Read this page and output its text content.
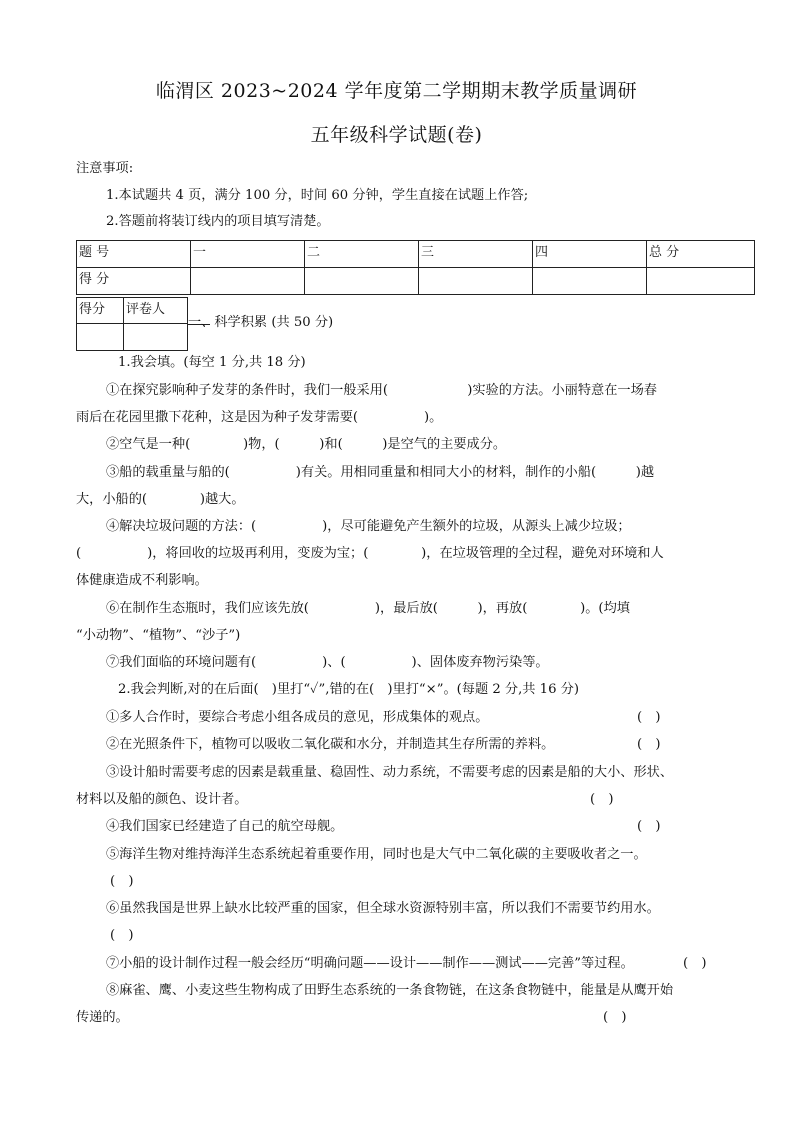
临渭区 2023~2024 学年度第二学期期末教学质量调研
五年级科学试题(卷)
注意事项:
1.本试题共 4 页，满分 100 分，时间 60 分钟，学生直接在试题上作答;
2.答题前将装订线内的项目填写清楚。
题 号	一	二	三	四	总 分
得 分					
得分	评卷人

一、科学积累 (共 50 分)
1.我会填。(每空 1 分,共 18 分)
①在探究影响种子发芽的条件时，我们一般采用(　　　　　　)实验的方法。小丽特意在一场春
雨后在花园里撒下花种，这是因为种子发芽需要(　　　　　)。
②空气是一种(　　　　)物，(　　　)和(　　　)是空气的主要成分。
③船的载重量与船的(　　　　　)有关。用相同重量和相同大小的材料，制作的小船(　　　)越
大，小船的(　　　　)越大。
④解决垃圾问题的方法：(　　　　　)，尽可能避免产生额外的垃圾，从源头上减少垃圾；
(　　　　　)，将回收的垃圾再利用，变废为宝；(　　　　)，在垃圾管理的全过程，避免对环境和人
体健康造成不利影响。
⑥在制作生态瓶时，我们应该先放(　　　　　)，最后放(　　　)，再放(　　　　)。(均填
“小动物”、“植物”、“沙子”)
⑦我们面临的环境问题有(　　　　　)、(　　　　　)、固体废弃物污染等。
2.我会判断,对的在后面(　)里打“✓”,错的在(　)里打“×”。(每题 2 分,共 16 分)
①多人合作时，要综合考虑小组各成员的意见，形成集体的观点。	(　)
②在光照条件下，植物可以吸收二氧化碳和水分，并制造其生存所需的养料。	(　)
③设计船时需要考虑的因素是载重量、稳固性、动力系统，不需要考虑的因素是船的大小、形状、
材料以及船的颜色、设计者。	(　)
④我们国家已经建造了自己的航空母舰。	(　)
⑤海洋生物对维持海洋生态系统起着重要作用，同时也是大气中二氧化碳的主要吸收者之一。
(　)
⑥虽然我国是世界上缺水比较严重的国家，但全球水资源特别丰富，所以我们不需要节约用水。
(　)
⑦小船的设计制作过程一般会经历“明确问题——设计——制作——测试——完善”等过程。	(　)
⑧麻雀、鹰、小麦这些生物构成了田野生态系统的一条食物链，在这条食物链中，能量是从鹰开始
传递的。	(　)
